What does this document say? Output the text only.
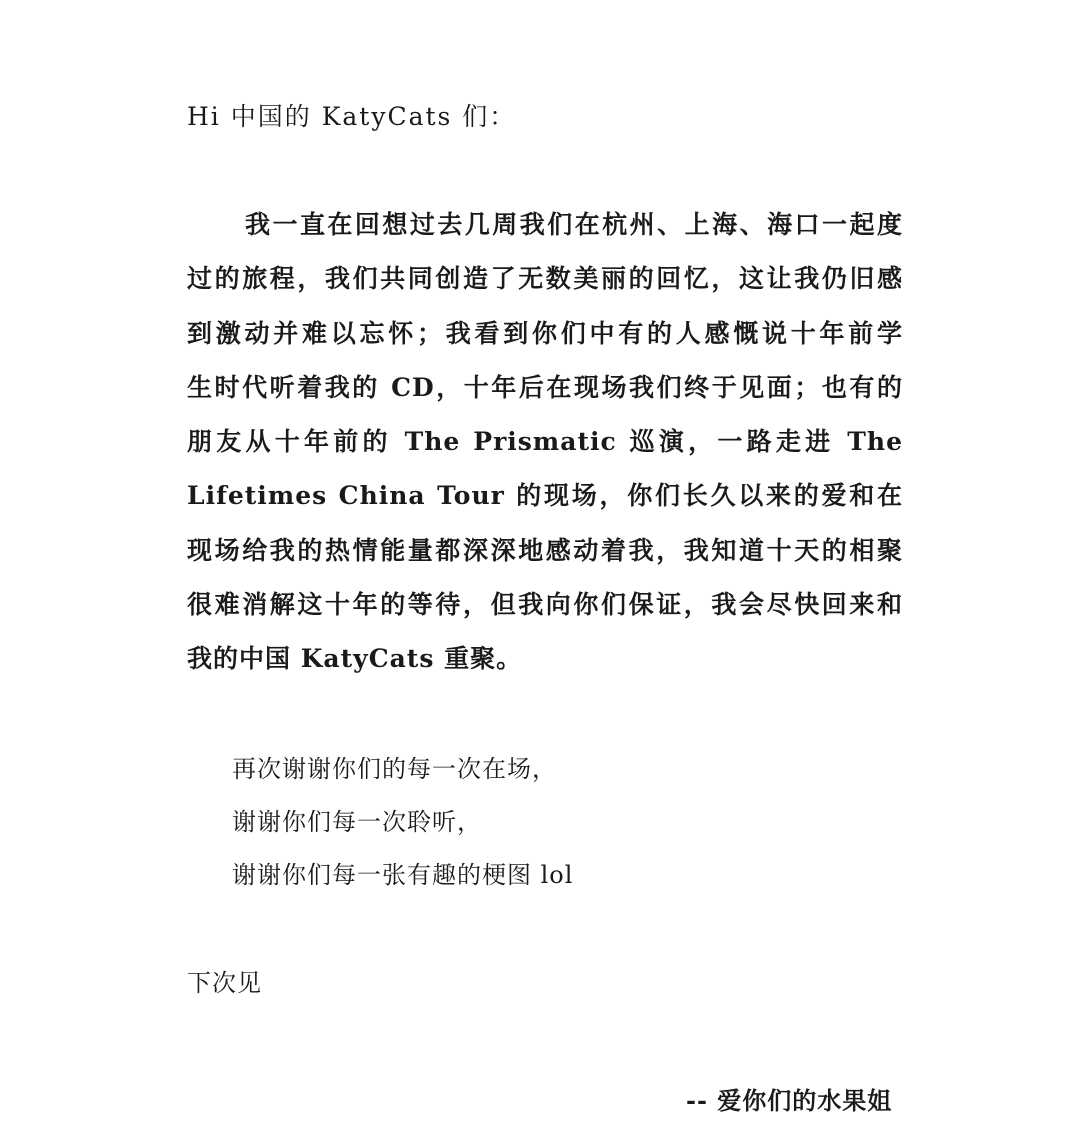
Hi 中国的 KatyCats 们：
我一直在回想过去几周我们在杭州、上海、海口一起度
过的旅程，我们共同创造了无数美丽的回忆，这让我仍旧感
到激动并难以忘怀；我看到你们中有的人感慨说十年前学
生时代听着我的 CD，十年后在现场我们终于见面；也有的
朋友从十年前的 The Prismatic 巡演，一路走进 The
Lifetimes China Tour 的现场，你们长久以来的爱和在
现场给我的热情能量都深深地感动着我，我知道十天的相聚
很难消解这十年的等待，但我向你们保证，我会尽快回来和
我的中国 KatyCats 重聚。
再次谢谢你们的每一次在场，
谢谢你们每一次聆听，
谢谢你们每一张有趣的梗图 lol
下次见
-- 爱你们的水果姐
